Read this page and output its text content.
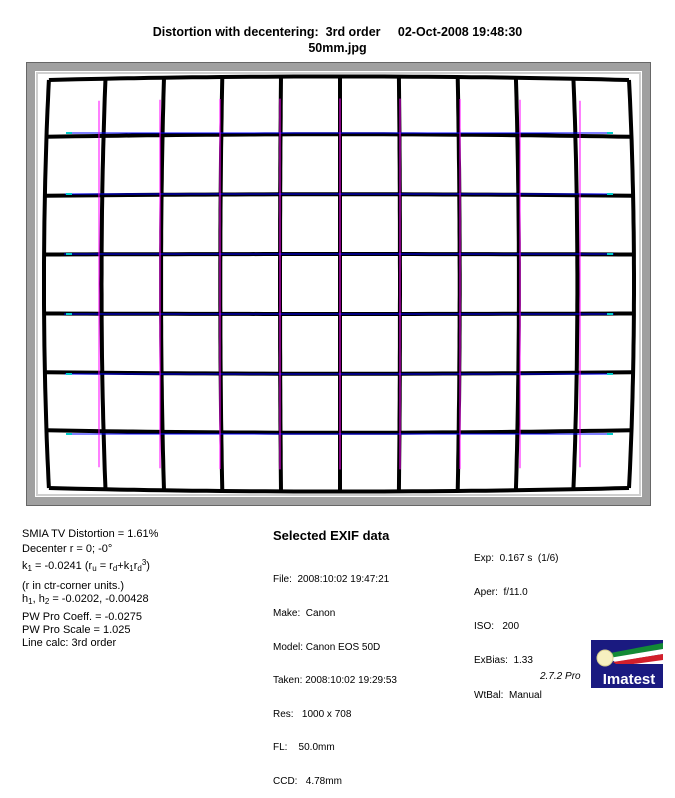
Distortion with decentering:  3rd order     02-Oct-2008 19:48:30
50mm.jpg
SMIA TV Distortion = 1.61%
Decenter r = 0; -0°
$k_1 = -0.0241$ $(r_u = r_d+k_1r_d^3)$
(r in ctr-corner units.)
$h_1$, $h_2 = -0.0202$, -0.00428
PW Pro Coeff. = -0.0275
PW Pro Scale = 1.025
Line calc: 3rd order
Selected EXIF data

File:  2008:10:02 19:47:21

Make:  Canon

Model: Canon EOS 50D

Taken: 2008:10:02 19:29:53

Res:   1000 x 708

FL:    50.0mm

CCD:   4.78mm

Exp:  0.167 s  (1/6)

Aper:  f/11.0

ISO:   200

ExBias:  1.33

WtBal:  Manual

2.7.2 Pro Imatest
